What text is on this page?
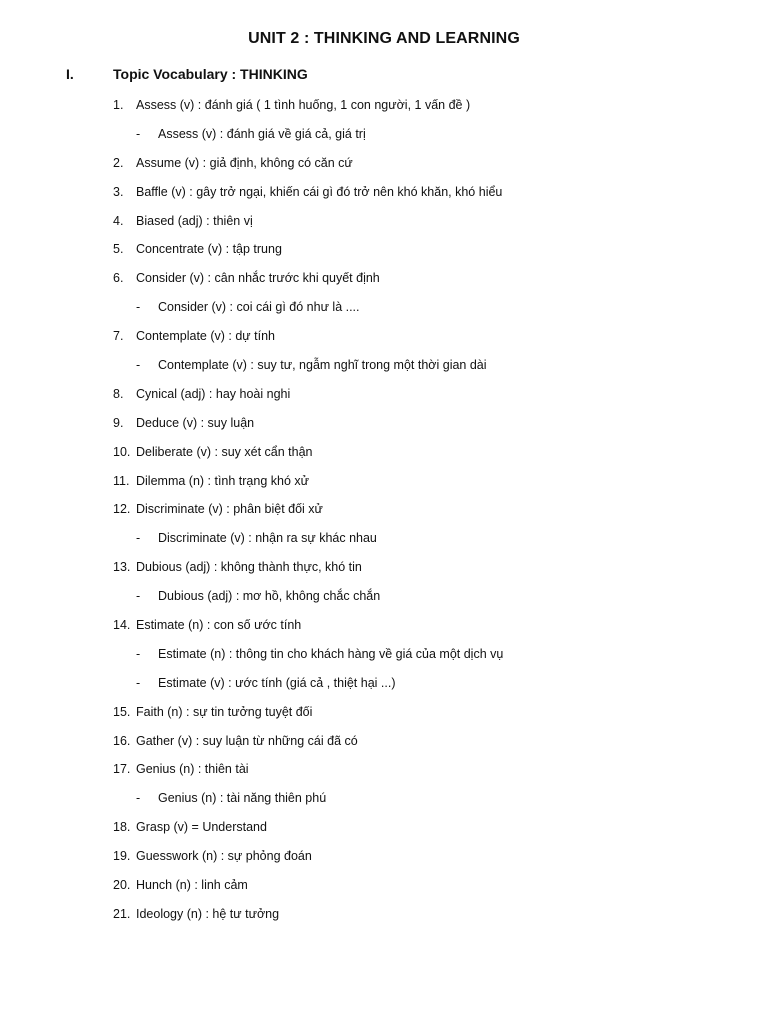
UNIT 2 : THINKING AND LEARNING
I.	Topic Vocabulary : THINKING
1. Assess (v) : đánh giá ( 1 tình huống, 1 con người, 1 vấn đề )
- Assess (v) : đánh giá về giá cả, giá trị
2. Assume (v) : giả định, không có căn cứ
3. Baffle (v) : gây trở ngại, khiến cái gì đó trở nên khó khăn, khó hiểu
4. Biased (adj) : thiên vị
5. Concentrate (v) : tập trung
6. Consider (v) : cân nhắc trước khi quyết định
- Consider (v) : coi cái gì đó như là ....
7. Contemplate (v) : dự tính
- Contemplate (v) : suy tư, ngẫm nghĩ trong một thời gian dài
8. Cynical (adj) : hay hoài nghi
9. Deduce (v) : suy luận
10. Deliberate (v) : suy xét cẩn thận
11. Dilemma (n) : tình trạng khó xử
12. Discriminate (v) : phân biệt đối xử
- Discriminate (v) : nhận ra sự khác nhau
13. Dubious (adj) : không thành thực, khó tin
- Dubious (adj) : mơ hồ, không chắc chắn
14. Estimate (n) : con số ước tính
- Estimate (n) : thông tin cho khách hàng về giá của một dịch vụ
- Estimate (v) : ước tính (giá cả , thiệt hại ...)
15. Faith (n) : sự tin tưởng tuyệt đối
16. Gather (v) : suy luận từ những cái đã có
17. Genius (n) : thiên tài
- Genius (n) : tài năng thiên phú
18. Grasp (v) = Understand
19. Guesswork (n) : sự phỏng đoán
20. Hunch (n) : linh cảm
21. Ideology (n) : hệ tư tưởng
